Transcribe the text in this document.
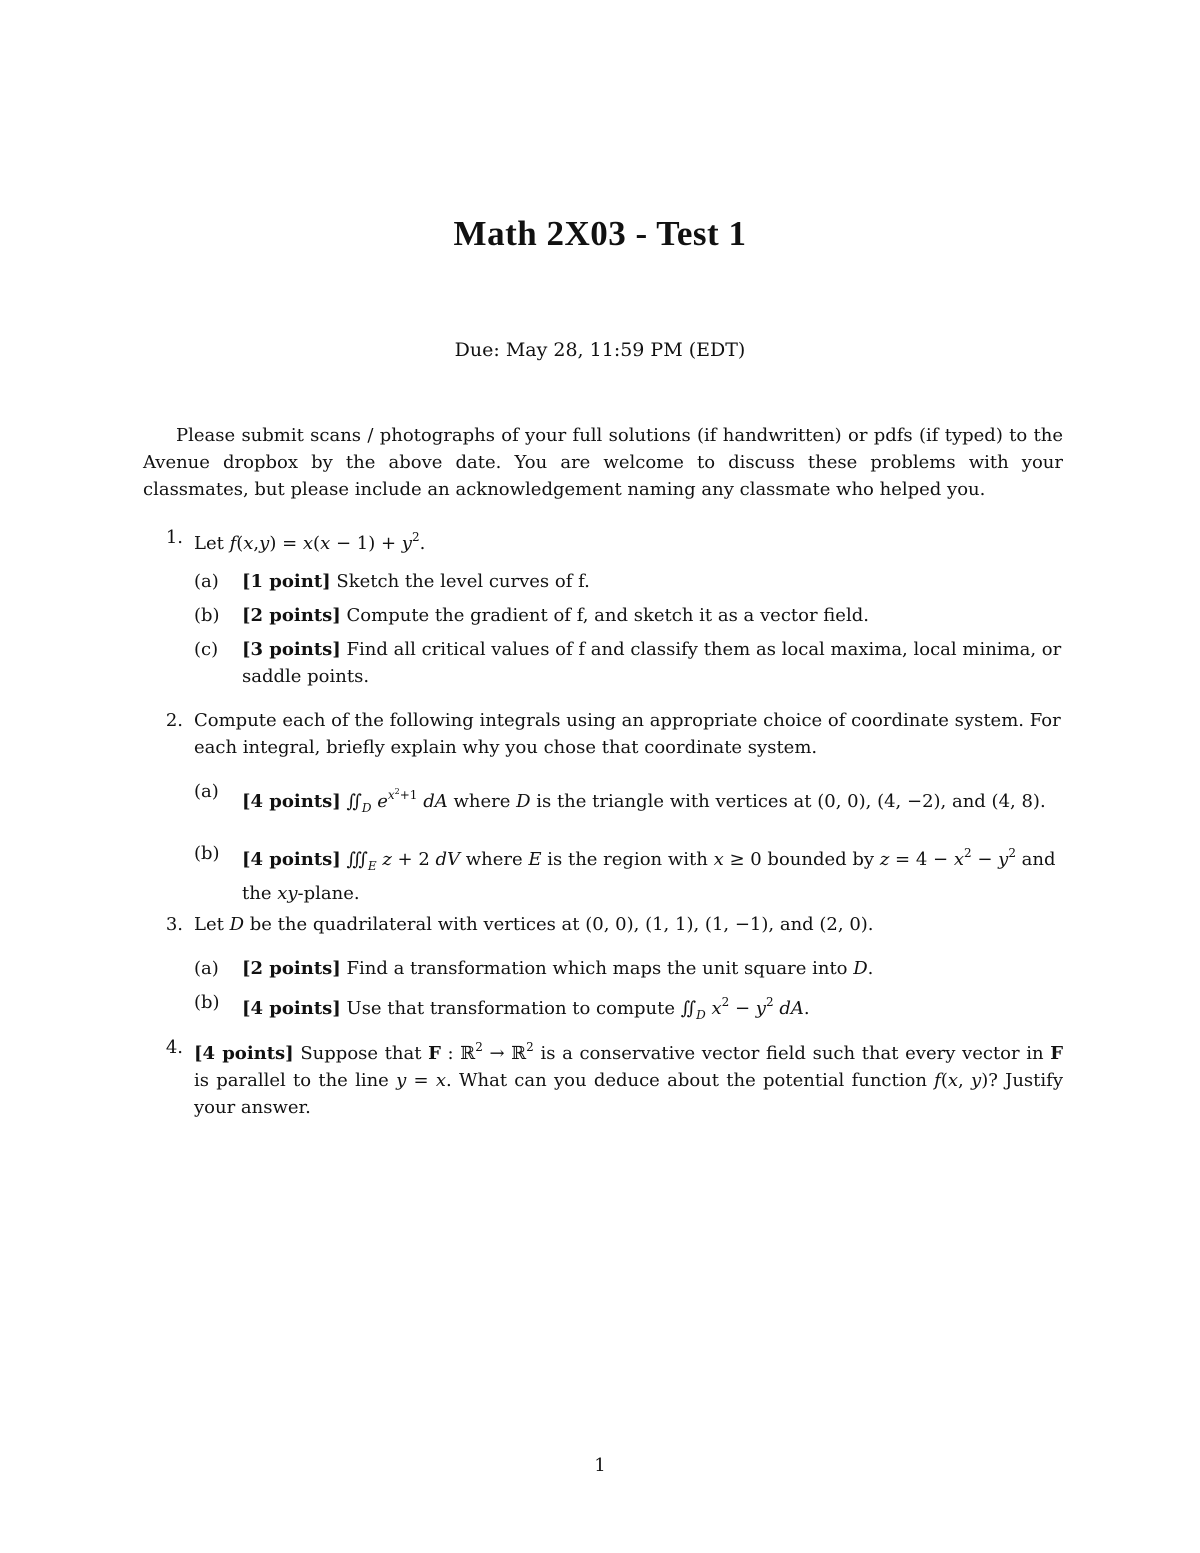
Math 2X03 - Test 1
Due: May 28, 11:59 PM (EDT)
Please submit scans / photographs of your full solutions (if handwritten) or pdfs (if typed) to the Avenue dropbox by the above date. You are welcome to discuss these problems with your classmates, but please include an acknowledgement naming any classmate who helped you.
1. Let $f(x,y) = x(x - 1) + y^2$.
(a)	[1 point] Sketch the level curves of f.
(b)	[2 points] Compute the gradient of f, and sketch it as a vector field.
(c)	[3 points] Find all critical values of f and classify them as local maxima, local minima, or saddle points.
2. Compute each of the following integrals using an appropriate choice of coordinate system. For each integral, briefly explain why you chose that coordinate system.
(a)	[4 points] $∬_D$ $e^{x^2+1}$ dA where D is the triangle with vertices at (0, 0), (4, −2), and (4, 8).
(b)	[4 points] $∭_E$ z + 2 dV where E is the region with x ≥ 0 bounded by $z = 4 - x^2 - y^2$ and the xy-plane.
3. Let D be the quadrilateral with vertices at (0, 0), (1, 1), (1, −1), and (2, 0).
(a)	[2 points] Find a transformation which maps the unit square into D.
(b)	[4 points] Use that transformation to compute $∬_D$ $x^2 - y^2$ dA.
4. [4 points] Suppose that F : ℝ$^2$ → ℝ$^2$ is a conservative vector field such that every vector in F is parallel to the line y = x. What can you deduce about the potential function f(x, y)? Justify your answer.
1
